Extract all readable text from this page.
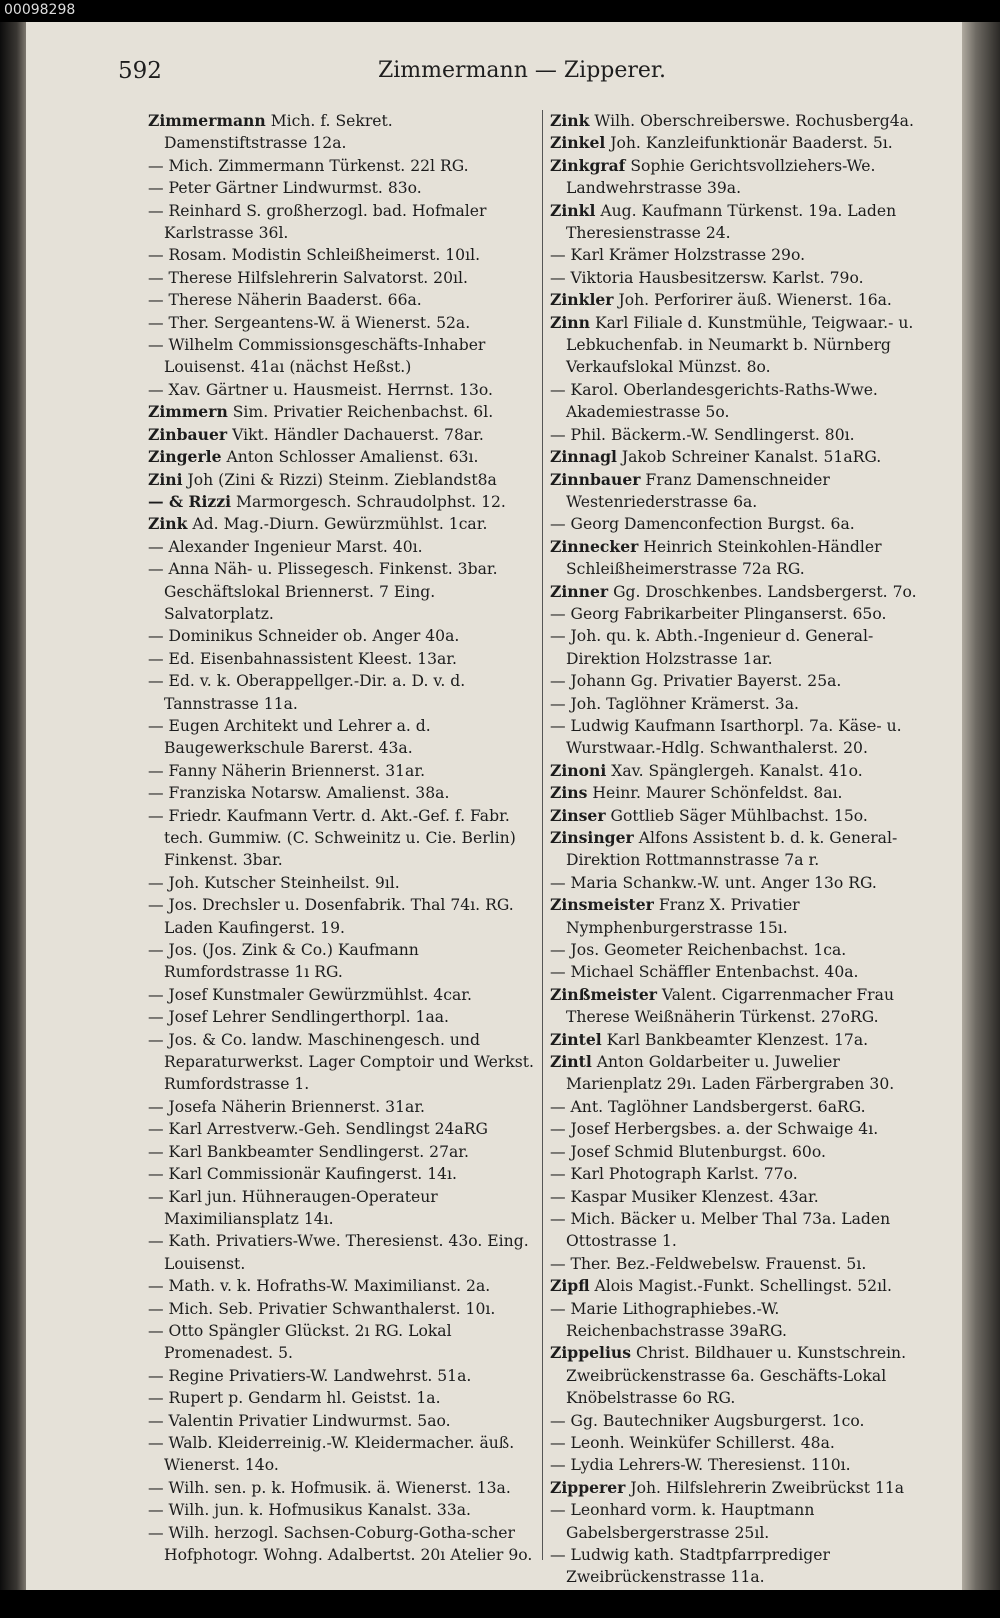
00098298
592	Zimmermann — Zipperer.
Zimmermann Mich. f. Sekret. Damenstiftstrasse 12a.
— Mich. Zimmermann Türkenst. 22l RG.
— Peter Gärtner Lindwurmst. 83o.
— Reinhard S. großherzogl. bad. Hofmaler Karlstrasse 36l.
— Rosam. Modistin Schleißheimerst. 10ıl.
— Therese Hilfslehrerin Salvatorst. 20ıl.
— Therese Näherin Baaderst. 66a.
— Ther. Sergeantens-W. ä Wienerst. 52a.
— Wilhelm Commissionsgeschäfts-Inhaber Louisenst. 41aı (nächst Heßst.)
— Xav. Gärtner u. Hausmeist. Herrnst. 13o.
Zimmern Sim. Privatier Reichenbachst. 6l.
Zinbauer Vikt. Händler Dachauerst. 78ar.
Zingerle Anton Schlosser Amalienst. 63ı.
Zini Joh (Zini & Rizzi) Steinm. Zieblandst8a
— & Rizzi Marmorgesch. Schraudolphst. 12.
Zink Ad. Mag.-Diurn. Gewürzmühlst. 1car.
— Alexander Ingenieur Marst. 40ı.
— Anna Näh- u. Plissegesch. Finkenst. 3bar. Geschäftslokal Briennerst. 7 Eing. Salvatorplatz.
— Dominikus Schneider ob. Anger 40a.
— Ed. Eisenbahnassistent Kleest. 13ar.
— Ed. v. k. Oberappellger.-Dir. a. D. v. d. Tannstrasse 11a.
— Eugen Architekt und Lehrer a. d. Baugewerkschule Barerst. 43a.
— Fanny Näherin Briennerst. 31ar.
— Franziska Notarsw. Amalienst. 38a.
— Friedr. Kaufmann Vertr. d. Akt.-Gef. f. Fabr. tech. Gummiw. (C. Schweinitz u. Cie. Berlin) Finkenst. 3bar.
— Joh. Kutscher Steinheilst. 9ıl.
— Jos. Drechsler u. Dosenfabrik. Thal 74ı. RG. Laden Kaufingerst. 19.
— Jos. (Jos. Zink & Co.) Kaufmann Rumfordstrasse 1ı RG.
— Josef Kunstmaler Gewürzmühlst. 4car.
— Josef Lehrer Sendlingerthorpl. 1aa.
— Jos. & Co. landw. Maschinengesch. und Reparaturwerkst. Lager Comptoir und Werkst. Rumfordstrasse 1.
— Josefa Näherin Briennerst. 31ar.
— Karl Arrestverw.-Geh. Sendlingst 24aRG
— Karl Bankbeamter Sendlingerst. 27ar.
— Karl Commissionär Kaufingerst. 14ı.
— Karl jun. Hühneraugen-Operateur Maximiliansplatz 14ı.
— Kath. Privatiers-Wwe. Theresienst. 43o. Eing. Louisenst.
— Math. v. k. Hofraths-W. Maximilianst. 2a.
— Mich. Seb. Privatier Schwanthalerst. 10ı.
— Otto Spängler Glückst. 2ı RG. Lokal Promenadest. 5.
— Regine Privatiers-W. Landwehrst. 51a.
— Rupert p. Gendarm hl. Geistst. 1a.
— Valentin Privatier Lindwurmst. 5ao.
— Walb. Kleiderreinig.-W. Kleidermacher. äuß. Wienerst. 14o.
— Wilh. sen. p. k. Hofmusik. ä. Wienerst. 13a.
— Wilh. jun. k. Hofmusikus Kanalst. 33a.
— Wilh. herzogl. Sachsen-Coburg-Gotha-scher Hofphotogr. Wohng. Adalbertst. 20ı Atelier 9o.
Zink Wilh. Oberschreiberswe. Rochusberg4a.
Zinkel Joh. Kanzleifunktionär Baaderst. 5ı.
Zinkgraf Sophie Gerichtsvollziehers-We. Landwehrstrasse 39a.
Zinkl Aug. Kaufmann Türkenst. 19a. Laden Theresienstrasse 24.
— Karl Krämer Holzstrasse 29o.
— Viktoria Hausbesitzersw. Karlst. 79o.
Zinkler Joh. Perforirer äuß. Wienerst. 16a.
Zinn Karl Filiale d. Kunstmühle, Teigwaar.- u. Lebkuchenfab. in Neumarkt b. Nürnberg Verkaufslokal Münzst. 8o.
— Karol. Oberlandesgerichts-Raths-Wwe. Akademiestrasse 5o.
— Phil. Bäckerm.-W. Sendlingerst. 80ı.
Zinnagl Jakob Schreiner Kanalst. 51aRG.
Zinnbauer Franz Damenschneider Westenriederstrasse 6a.
— Georg Damenconfection Burgst. 6a.
Zinnecker Heinrich Steinkohlen-Händler Schleißheimerstrasse 72a RG.
Zinner Gg. Droschkenbes. Landsbergerst. 7o.
— Georg Fabrikarbeiter Plinganserst. 65o.
— Joh. qu. k. Abth.-Ingenieur d. General-Direktion Holzstrasse 1ar.
— Johann Gg. Privatier Bayerst. 25a.
— Joh. Taglöhner Krämerst. 3a.
— Ludwig Kaufmann Isarthorpl. 7a. Käse- u. Wurstwaar.-Hdlg. Schwanthalerst. 20.
Zinoni Xav. Spänglergeh. Kanalst. 41o.
Zins Heinr. Maurer Schönfeldst. 8aı.
Zinser Gottlieb Säger Mühlbachst. 15o.
Zinsinger Alfons Assistent b. d. k. General-Direktion Rottmannstrasse 7a r.
— Maria Schankw.-W. unt. Anger 13o RG.
Zinsmeister Franz X. Privatier Nymphenburgerstrasse 15ı.
— Jos. Geometer Reichenbachst. 1ca.
— Michael Schäffler Entenbachst. 40a.
Zinßmeister Valent. Cigarrenmacher Frau Therese Weißnäherin Türkenst. 27oRG.
Zintel Karl Bankbeamter Klenzest. 17a.
Zintl Anton Goldarbeiter u. Juwelier Marienplatz 29ı. Laden Färbergraben 30.
— Ant. Taglöhner Landsbergerst. 6aRG.
— Josef Herbergsbes. a. der Schwaige 4ı.
— Josef Schmid Blutenburgst. 60o.
— Karl Photograph Karlst. 77o.
— Kaspar Musiker Klenzest. 43ar.
— Mich. Bäcker u. Melber Thal 73a. Laden Ottostrasse 1.
— Ther. Bez.-Feldwebelsw. Frauenst. 5ı.
Zipfl Alois Magist.-Funkt. Schellingst. 52ıl.
— Marie Lithographiebes.-W. Reichenbachstrasse 39aRG.
Zippelius Christ. Bildhauer u. Kunstschrein. Zweibrückenstrasse 6a. Geschäfts-Lokal Knöbelstrasse 6o RG.
— Gg. Bautechniker Augsburgerst. 1co.
— Leonh. Weinküfer Schillerst. 48a.
— Lydia Lehrers-W. Theresienst. 110ı.
Zipperer Joh. Hilfslehrerin Zweibrückst 11a
— Leonhard vorm. k. Hauptmann Gabelsbergerstrasse 25ıl.
— Ludwig kath. Stadtpfarrprediger Zweibrückenstrasse 11a.
